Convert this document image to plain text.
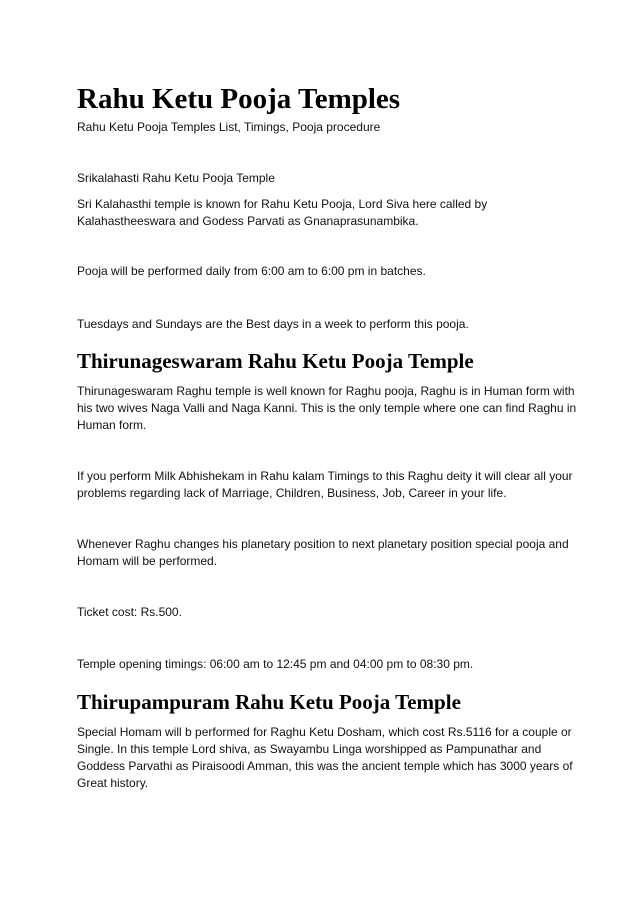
Rahu Ketu Pooja Temples

Rahu Ketu Pooja Temples List, Timings, Pooja procedure

Srikalahasti Rahu Ketu Pooja Temple

Sri Kalahasthi temple is known for Rahu Ketu Pooja, Lord Siva here called by Kalahastheeswara and Godess Parvati as Gnanaprasunambika.

Pooja will be performed daily from 6:00 am to 6:00 pm in batches.

Tuesdays and Sundays are the Best days in a week to perform this pooja.

Thirunageswaram Rahu Ketu Pooja Temple

Thirunageswaram Raghu temple is well known for Raghu pooja, Raghu is in Human form with his two wives Naga Valli and Naga Kanni. This is the only temple where one can find Raghu in Human form.

If you perform Milk Abhishekam in Rahu kalam Timings to this Raghu deity it will clear all your problems regarding lack of Marriage, Children, Business, Job, Career in your life.

Whenever Raghu changes his planetary position to next planetary position special pooja and Homam will be performed.

Ticket cost: Rs.500.

Temple opening timings: 06:00 am to 12:45 pm and 04:00 pm to 08:30 pm.

Thirupampuram Rahu Ketu Pooja Temple

Special Homam will b performed for Raghu Ketu Dosham, which cost Rs.5116 for a couple or Single. In this temple Lord shiva, as Swayambu Linga worshipped as Pampunathar and Goddess Parvathi as Piraisoodi Amman, this was the ancient temple which has 3000 years of Great history.
